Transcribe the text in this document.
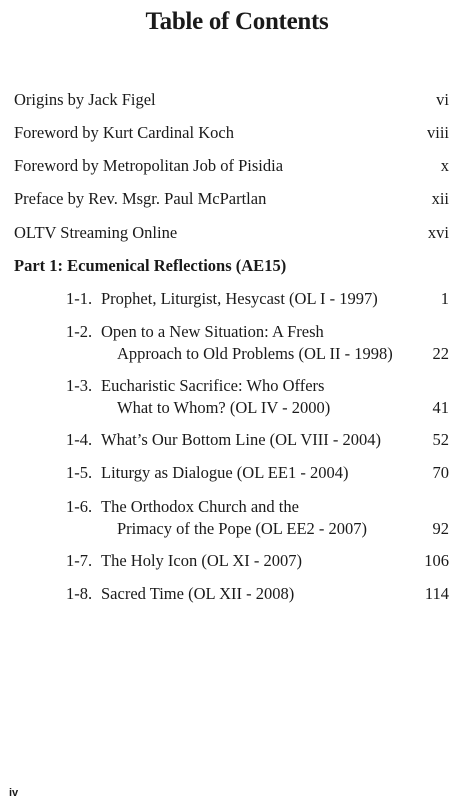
Table of Contents
Origins by Jack Figel	vi
Foreword by Kurt Cardinal Koch	viii
Foreword by Metropolitan Job of Pisidia	x
Preface by Rev. Msgr. Paul McPartlan	xii
OLTV Streaming Online	xvi
Part 1: Ecumenical Reflections (AE15)
1-1. Prophet, Liturgist, Hesycast (OL I - 1997)	1
1-2. Open to a New Situation: A Fresh
Approach to Old Problems (OL II - 1998) 22
1-3. Eucharistic Sacrifice: Who Offers
What to Whom? (OL IV - 2000)	41
1-4. What’s Our Bottom Line (OL VIII - 2004)	52
1-5. Liturgy as Dialogue (OL EE1 - 2004)	70
1-6. The Orthodox Church and the
Primacy of the Pope (OL EE2 - 2007)	92
1-7. The Holy Icon (OL XI - 2007)	106
1-8. Sacred Time (OL XII - 2008)	114
iv
